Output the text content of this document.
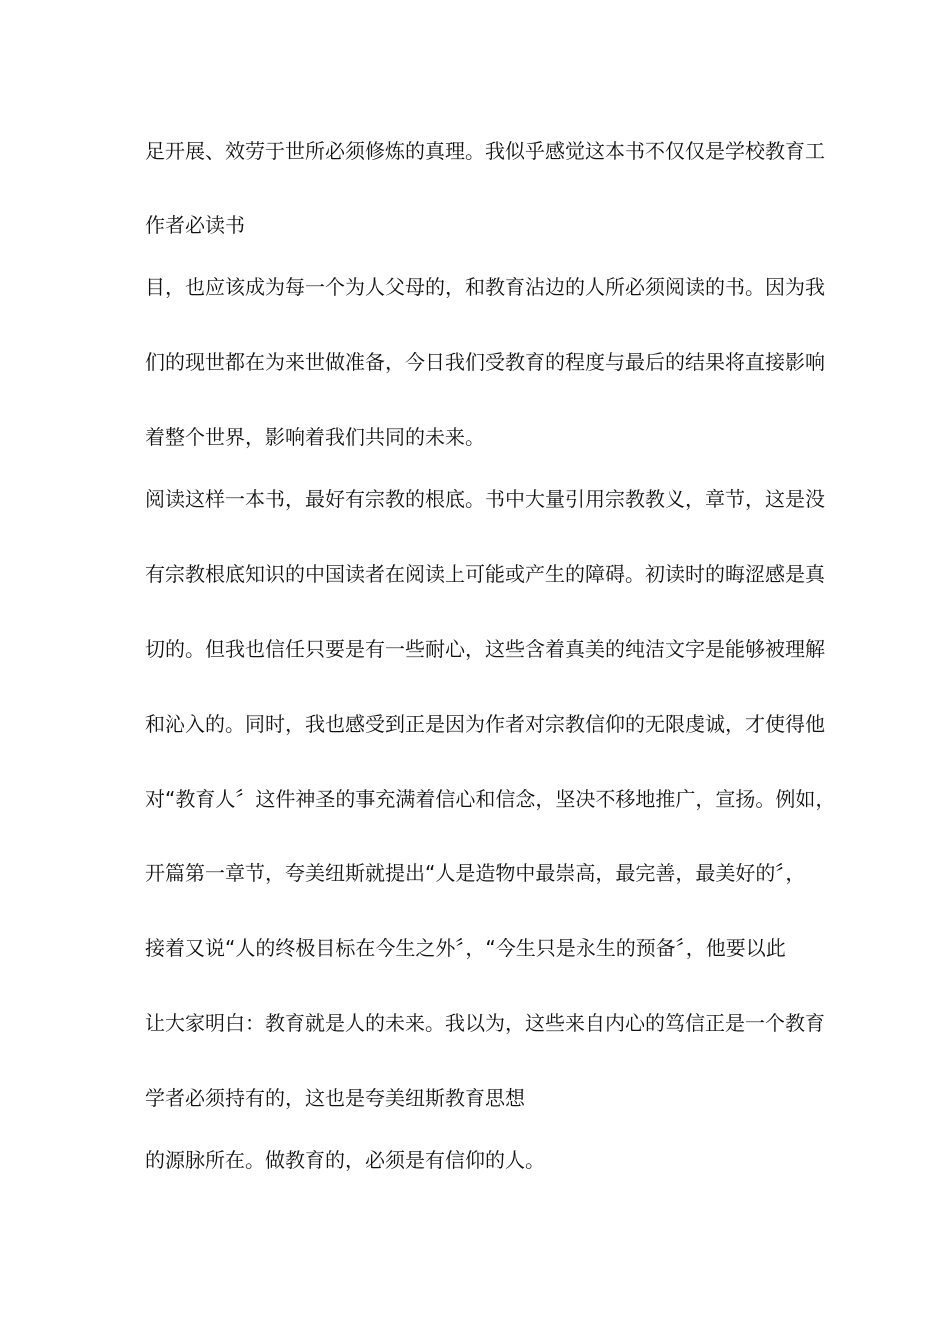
足开展、效劳于世所必须修炼的真理。我似乎感觉这本书不仅仅是学校教育工
作者必读书
目，也应该成为每一个为人父母的，和教育沾边的人所必须阅读的书。因为我
们的现世都在为来世做准备，今日我们受教育的程度与最后的结果将直接影响
着整个世界，影响着我们共同的未来。
阅读这样一本书，最好有宗教的根底。书中大量引用宗教教义，章节，这是没
有宗教根底知识的中国读者在阅读上可能或产生的障碍。初读时的晦涩感是真
切的。但我也信任只要是有一些耐心，这些含着真美的纯洁文字是能够被理解
和沁入的。同时，我也感受到正是因为作者对宗教信仰的无限虔诚，才使得他
对“教育人〞这件神圣的事充满着信心和信念，坚决不移地推广，宣扬。例如，
开篇第一章节，夸美纽斯就提出“人是造物中最崇高，最完善，最美好的〞，
接着又说“人的终极目标在今生之外〞，“今生只是永生的预备〞，他要以此
让大家明白：教育就是人的未来。我以为，这些来自内心的笃信正是一个教育
学者必须持有的，这也是夸美纽斯教育思想
的源脉所在。做教育的，必须是有信仰的人。
